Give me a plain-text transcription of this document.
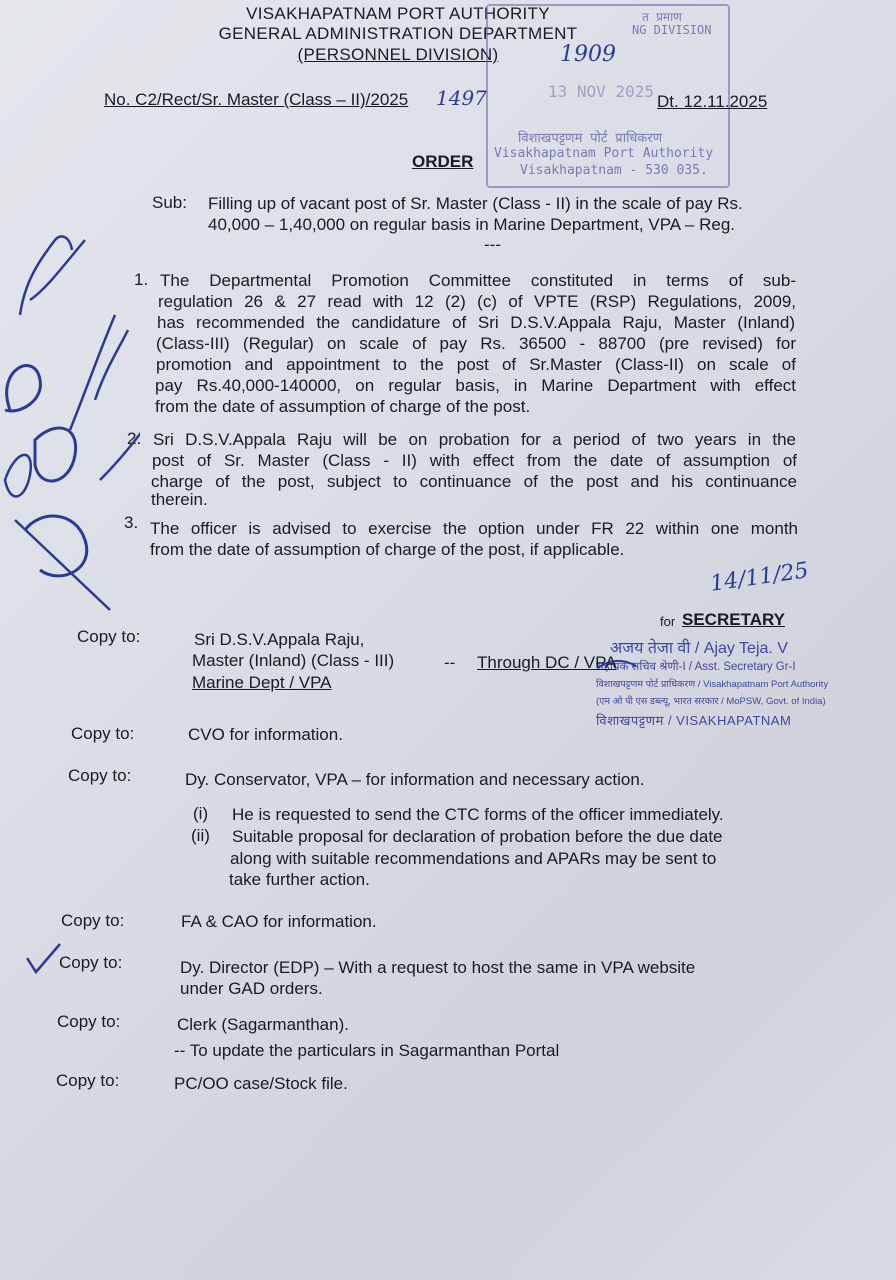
VISAKHAPATNAM PORT AUTHORITY
GENERAL ADMINISTRATION DEPARTMENT
(PERSONNEL DIVISION)	1909
त प्रमाण
NG DIVISION
13 NOV 2025
विशाखपट्टणम पोर्ट प्राधिकरण
Visakhapatnam Port Authority
Visakhapatnam - 530 035.
No. C2/Rect/Sr. Master (Class – II)/2025 1497	Dt. 12.11.2025
ORDER
Sub: Filling up of vacant post of Sr. Master (Class - II) in the scale of pay Rs.
40,000 – 1,40,000 on regular basis in Marine Department, VPA – Reg.
---
1. The Departmental Promotion Committee constituted in terms of sub-
regulation 26 & 27 read with 12 (2) (c) of VPTE (RSP) Regulations, 2009,
has recommended the candidature of Sri D.S.V.Appala Raju, Master (Inland)
(Class-III) (Regular) on scale of pay Rs. 36500 - 88700 (pre revised) for
promotion and appointment to the post of Sr.Master (Class-II) on scale of
pay Rs.40,000-140000, on regular basis, in Marine Department with effect
from the date of assumption of charge of the post.
2. Sri D.S.V.Appala Raju will be on probation for a period of two years in the
post of Sr. Master (Class - II) with effect from the date of assumption of
charge of the post, subject to continuance of the post and his continuance
therein.
3. The officer is advised to exercise the option under FR 22 within one month
from the date of assumption of charge of the post, if applicable.
14/11/25
for SECRETARY
अजय तेजा वी / Ajay Teja. V
सहायक सचिव श्रेणी-I / Asst. Secretary Gr-I
विशाखपट्टणम पोर्ट प्राधिकरण / Visakhapatnam Port Authority
(एम ओ पी एस डब्ल्यू, भारत सरकार / MoPSW, Govt. of India)
विशाखपट्टणम / VISAKHAPATNAM
Copy to:	Sri D.S.V.Appala Raju,
Master (Inland) (Class - III)
Marine Dept / VPA
-- Through DC / VPA
Copy to:	CVO for information.
Copy to:	Dy. Conservator, VPA – for information and necessary action.
(i) He is requested to send the CTC forms of the officer immediately.
(ii) Suitable proposal for declaration of probation before the due date
along with suitable recommendations and APARs may be sent to
take further action.
Copy to:	FA & CAO for information.
Copy to:	Dy. Director (EDP) – With a request to host the same in VPA website
under GAD orders.
Copy to:	Clerk (Sagarmanthan).
-- To update the particulars in Sagarmanthan Portal
Copy to:	PC/OO case/Stock file.
